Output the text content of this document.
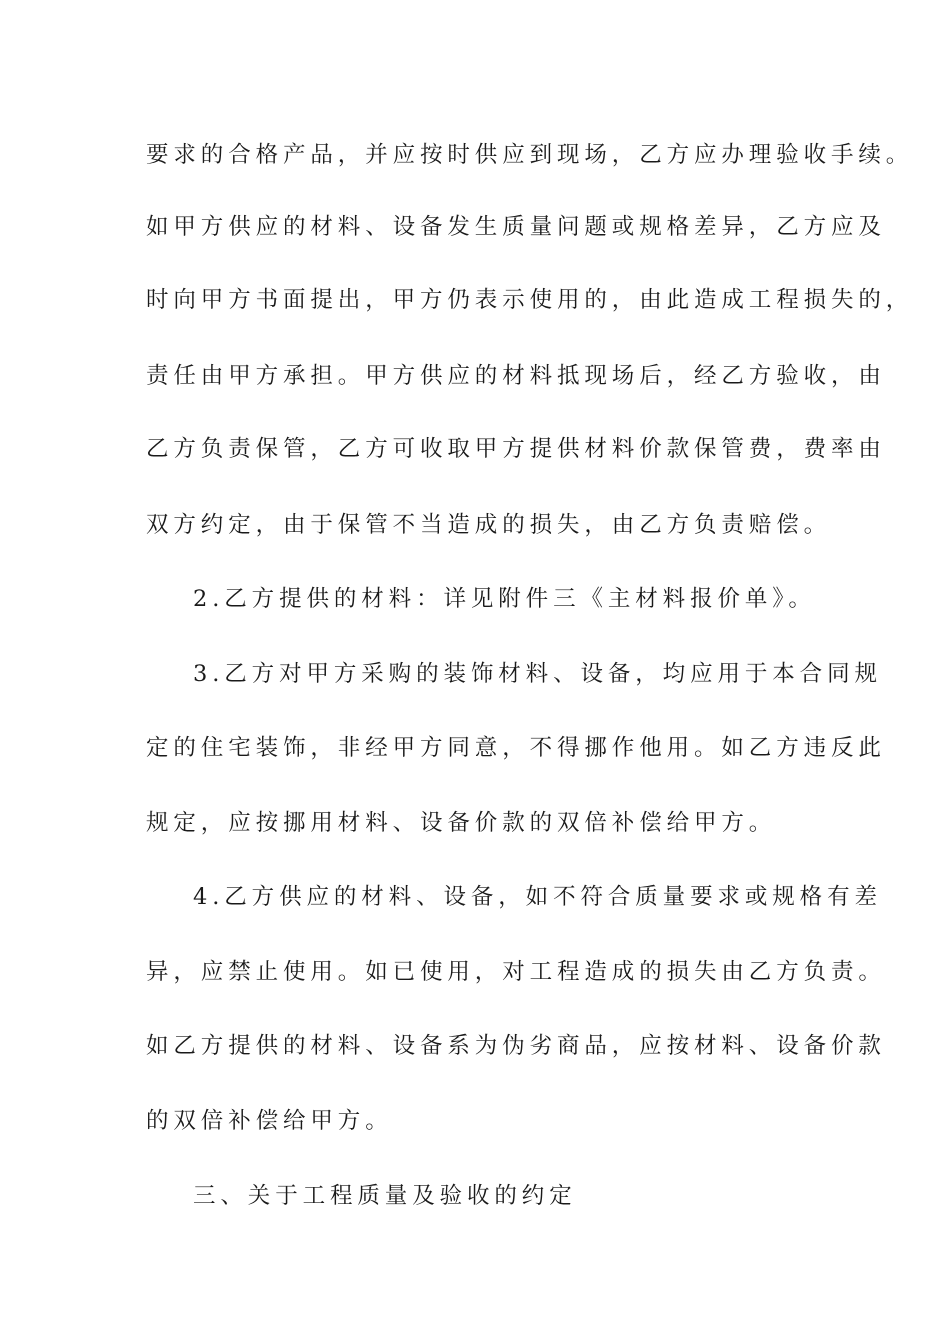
要求的合格产品，并应按时供应到现场，乙方应办理验收手续。
如甲方供应的材料、设备发生质量问题或规格差异，乙方应及
时向甲方书面提出，甲方仍表示使用的，由此造成工程损失的，
责任由甲方承担。甲方供应的材料抵现场后，经乙方验收，由
乙方负责保管，乙方可收取甲方提供材料价款保管费，费率由
双方约定，由于保管不当造成的损失，由乙方负责赔偿。
2.乙方提供的材料：详见附件三《主材料报价单》。
3.乙方对甲方采购的装饰材料、设备，均应用于本合同规
定的住宅装饰，非经甲方同意，不得挪作他用。如乙方违反此
规定，应按挪用材料、设备价款的双倍补偿给甲方。
4.乙方供应的材料、设备，如不符合质量要求或规格有差
异，应禁止使用。如已使用，对工程造成的损失由乙方负责。
如乙方提供的材料、设备系为伪劣商品，应按材料、设备价款
的双倍补偿给甲方。
三、关于工程质量及验收的约定
